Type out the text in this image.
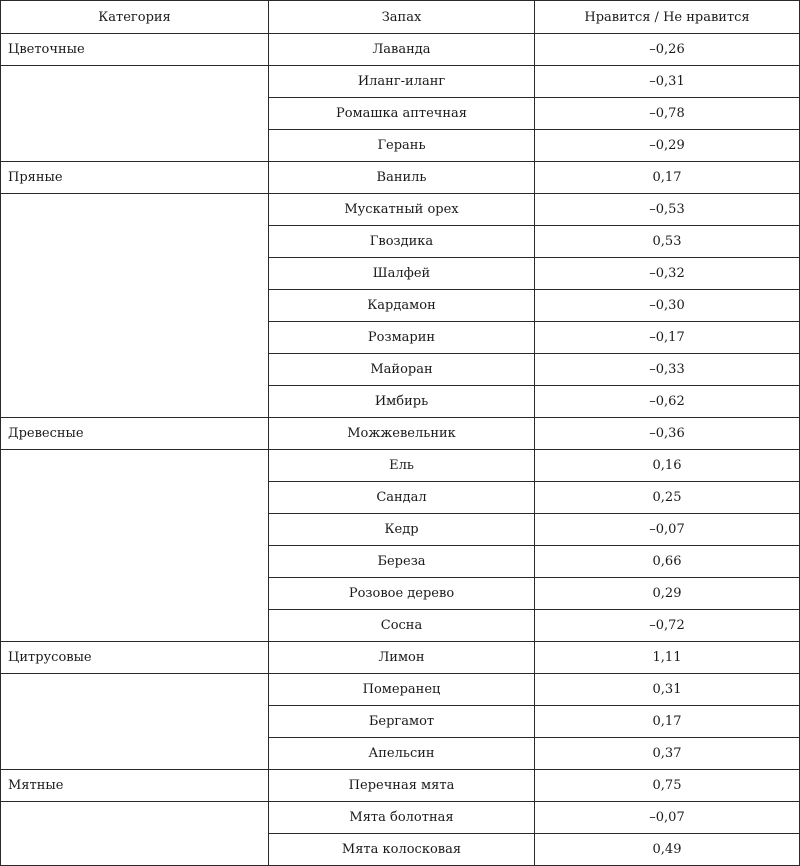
Категория	Запах	Нравится / Не нравится
Цветочные	Лаванда	–0,26
	Иланг-иланг	–0,31
	Ромашка аптечная	–0,78
	Герань	–0,29
Пряные	Ваниль	0,17
	Мускатный орех	–0,53
	Гвоздика	0,53
	Шалфей	–0,32
	Кардамон	–0,30
	Розмарин	–0,17
	Майоран	–0,33
	Имбирь	–0,62
Древесные	Можжевельник	–0,36
	Ель	0,16
	Сандал	0,25
	Кедр	–0,07
	Береза	0,66
	Розовое дерево	0,29
	Сосна	–0,72
Цитрусовые	Лимон	1,11
	Померанец	0,31
	Бергамот	0,17
	Апельсин	0,37
Мятные	Перечная мята	0,75
	Мята болотная	–0,07
	Мята колосковая	0,49
